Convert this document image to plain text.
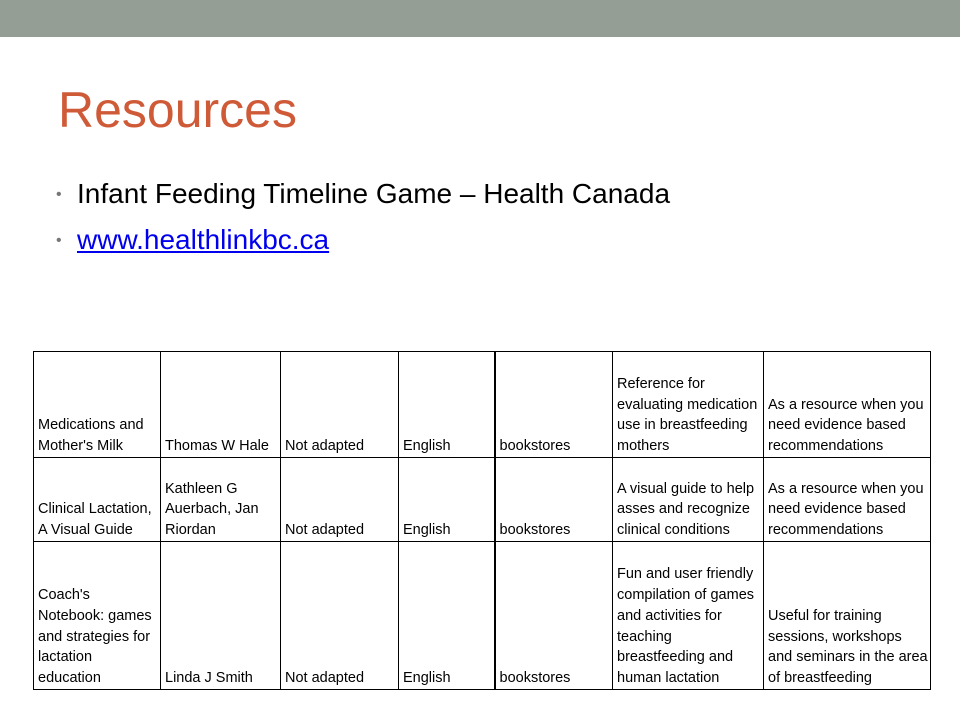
Resources
• Infant Feeding Timeline Game – Health Canada
• www.healthlinkbc.ca
Medications and Mother's Milk	Thomas W Hale	Not adapted	English	bookstores	Reference for evaluating medication use in breastfeeding mothers	As a resource when you need evidence based recommendations

Clinical Lactation, A Visual Guide	Kathleen G Auerbach, Jan Riordan	Not adapted	English	bookstores	A visual guide to help asses and recognize clinical conditions	As a resource when you need evidence based recommendations

Coach's Notebook: games and strategies for lactation education	Linda J Smith	Not adapted	English	bookstores	Fun and user friendly compilation of games and activities for teaching breastfeeding and human lactation	Useful for training sessions, workshops and seminars in the area of breastfeeding
